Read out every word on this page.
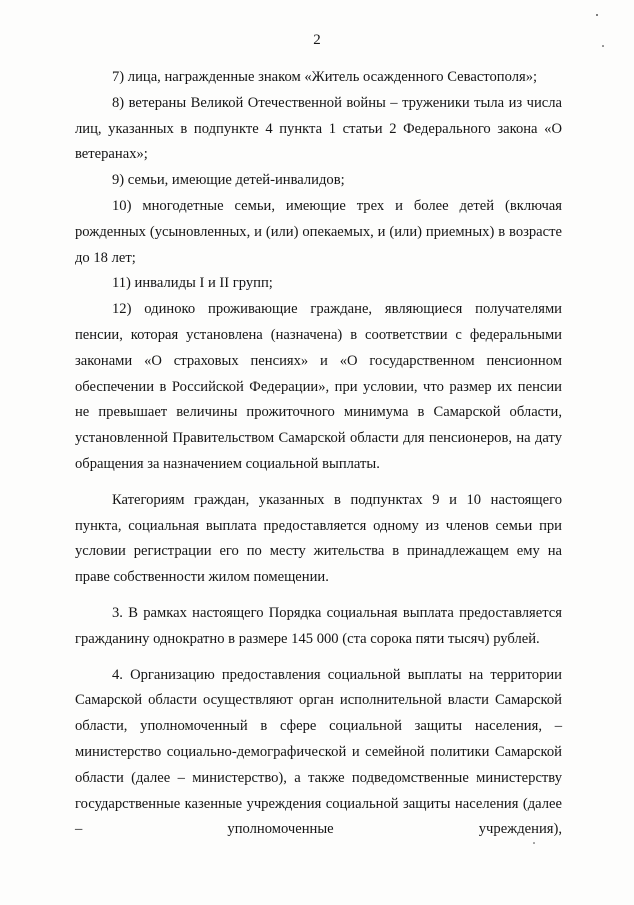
2

7) лица, награжденные знаком «Житель осажденного Севастополя»;

8) ветераны Великой Отечественной войны – труженики тыла из числа лиц, указанных в подпункте 4 пункта 1 статьи 2 Федерального закона «О ветеранах»;

9) семьи, имеющие детей-инвалидов;

10) многодетные семьи, имеющие трех и более детей (включая рожденных (усыновленных, и (или) опекаемых, и (или) приемных) в возрасте до 18 лет;

11) инвалиды I и II групп;

12) одиноко проживающие граждане, являющиеся получателями пенсии, которая установлена (назначена) в соответствии с федеральными законами «О страховых пенсиях» и «О государственном пенсионном обеспечении в Российской Федерации», при условии, что размер их пенсии не превышает величины прожиточного минимума в Самарской области, установленной Правительством Самарской области для пенсионеров, на дату обращения за назначением социальной выплаты.

Категориям граждан, указанных в подпунктах 9 и 10 настоящего пункта, социальная выплата предоставляется одному из членов семьи при условии регистрации его по месту жительства в принадлежащем ему на праве собственности жилом помещении.

3. В рамках настоящего Порядка социальная выплата предоставляется гражданину однократно в размере 145 000 (ста сорока пяти тысяч) рублей.

4. Организацию предоставления социальной выплаты на территории Самарской области осуществляют орган исполнительной власти Самарской области, уполномоченный в сфере социальной защиты населения, – министерство социально-демографической и семейной политики Самарской области (далее – министерство), а также подведомственные министерству государственные казенные учреждения социальной защиты населения (далее – уполномоченные учреждения),
